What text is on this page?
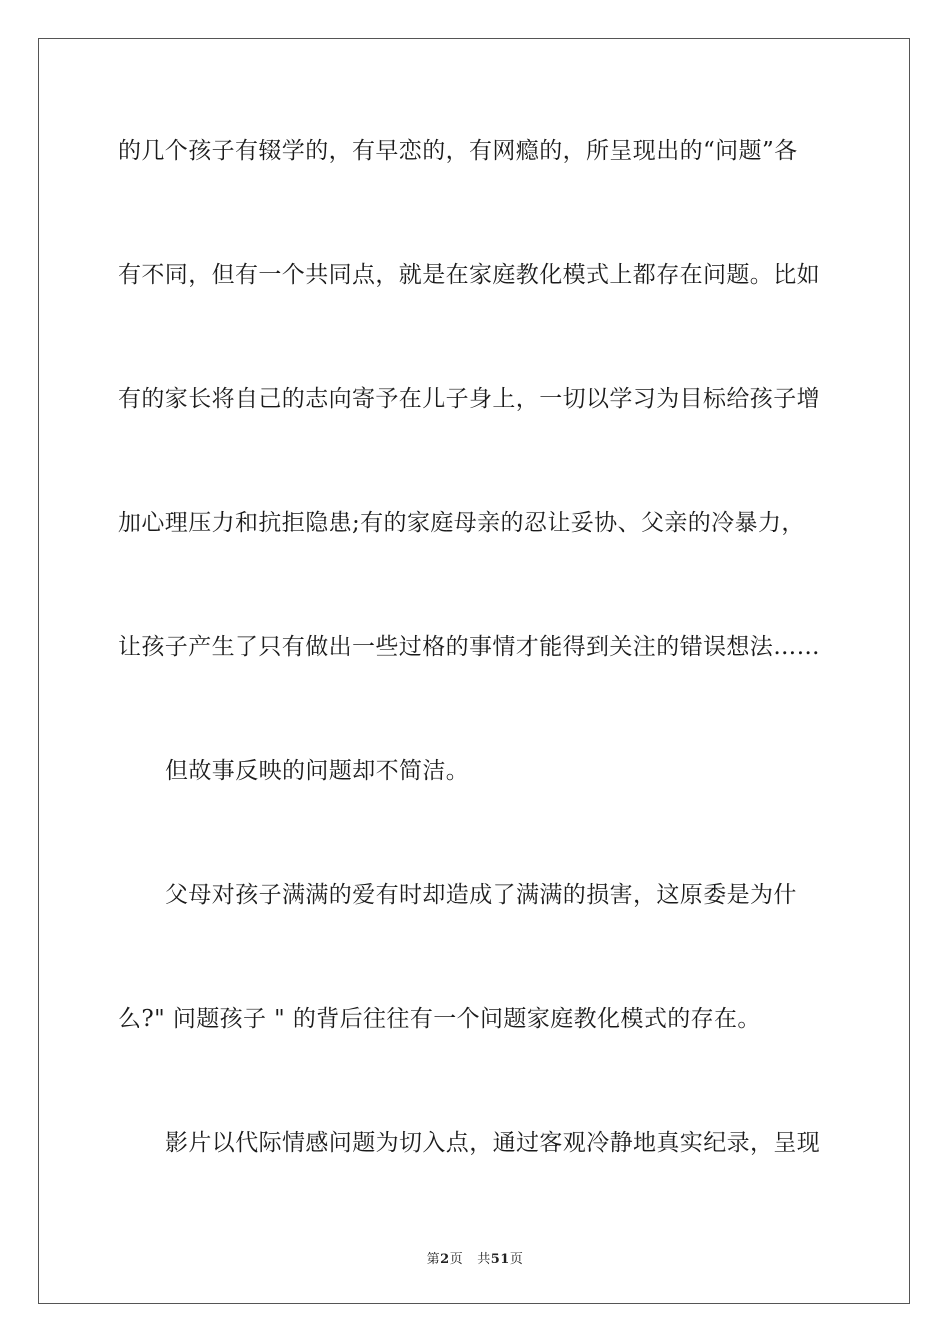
的几个孩子有辍学的，有早恋的，有网瘾的，所呈现出的“问题”各
有不同，但有一个共同点，就是在家庭教化模式上都存在问题。比如
有的家长将自己的志向寄予在儿子身上，一切以学习为目标给孩子增
加心理压力和抗拒隐患;有的家庭母亲的忍让妥协、父亲的冷暴力，
让孩子产生了只有做出一些过格的事情才能得到关注的错误想法……
但故事反映的问题却不简洁。
父母对孩子满满的爱有时却造成了满满的损害，这原委是为什
么?" 问题孩子 " 的背后往往有一个问题家庭教化模式的存在。
影片以代际情感问题为切入点，通过客观冷静地真实纪录，呈现
第2页 共51页
